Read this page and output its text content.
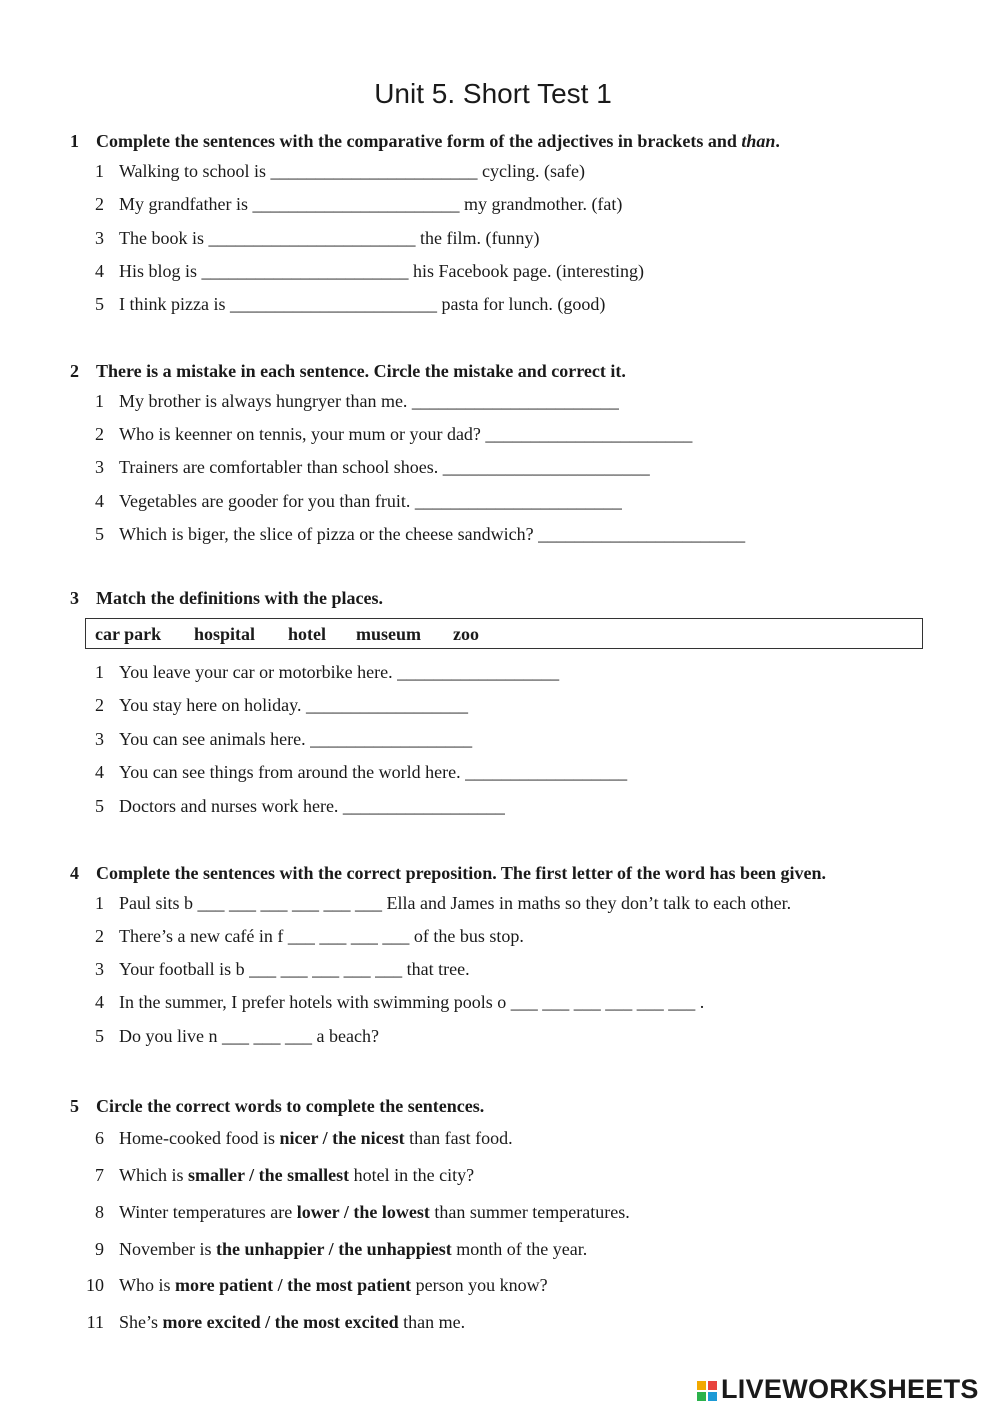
Unit 5. Short Test 1
1 Complete the sentences with the comparative form of the adjectives in brackets and than.
1 Walking to school is _______________________ cycling. (safe)
2 My grandfather is _______________________ my grandmother. (fat)
3 The book is _______________________ the film. (funny)
4 His blog is _______________________ his Facebook page. (interesting)
5 I think pizza is _______________________ pasta for lunch. (good)
2 There is a mistake in each sentence. Circle the mistake and correct it.
1 My brother is always hungryer than me. _______________________
2 Who is keenner on tennis, your mum or your dad? _______________________
3 Trainers are comfortabler than school shoes. _______________________
4 Vegetables are gooder for you than fruit. _______________________
5 Which is biger, the slice of pizza or the cheese sandwich? _______________________
3 Match the definitions with the places.
car park hospital hotel museum zoo
1 You leave your car or motorbike here. __________________
2 You stay here on holiday. __________________
3 You can see animals here. __________________
4 You can see things from around the world here. __________________
5 Doctors and nurses work here. __________________
4 Complete the sentences with the correct preposition. The first letter of the word has been given.
1 Paul sits b ___ ___ ___ ___ ___ ___ Ella and James in maths so they don’t talk to each other.
2 There’s a new café in f ___ ___ ___ ___ of the bus stop.
3 Your football is b ___ ___ ___ ___ ___ that tree.
4 In the summer, I prefer hotels with swimming pools o ___ ___ ___ ___ ___ ___ .
5 Do you live n ___ ___ ___ a beach?
5 Circle the correct words to complete the sentences.
6 Home-cooked food is nicer / the nicest than fast food.
7 Which is smaller / the smallest hotel in the city?
8 Winter temperatures are lower / the lowest than summer temperatures.
9 November is the unhappier / the unhappiest month of the year.
10 Who is more patient / the most patient person you know?
11 She’s more excited / the most excited than me.
LIVEWORKSHEETS
